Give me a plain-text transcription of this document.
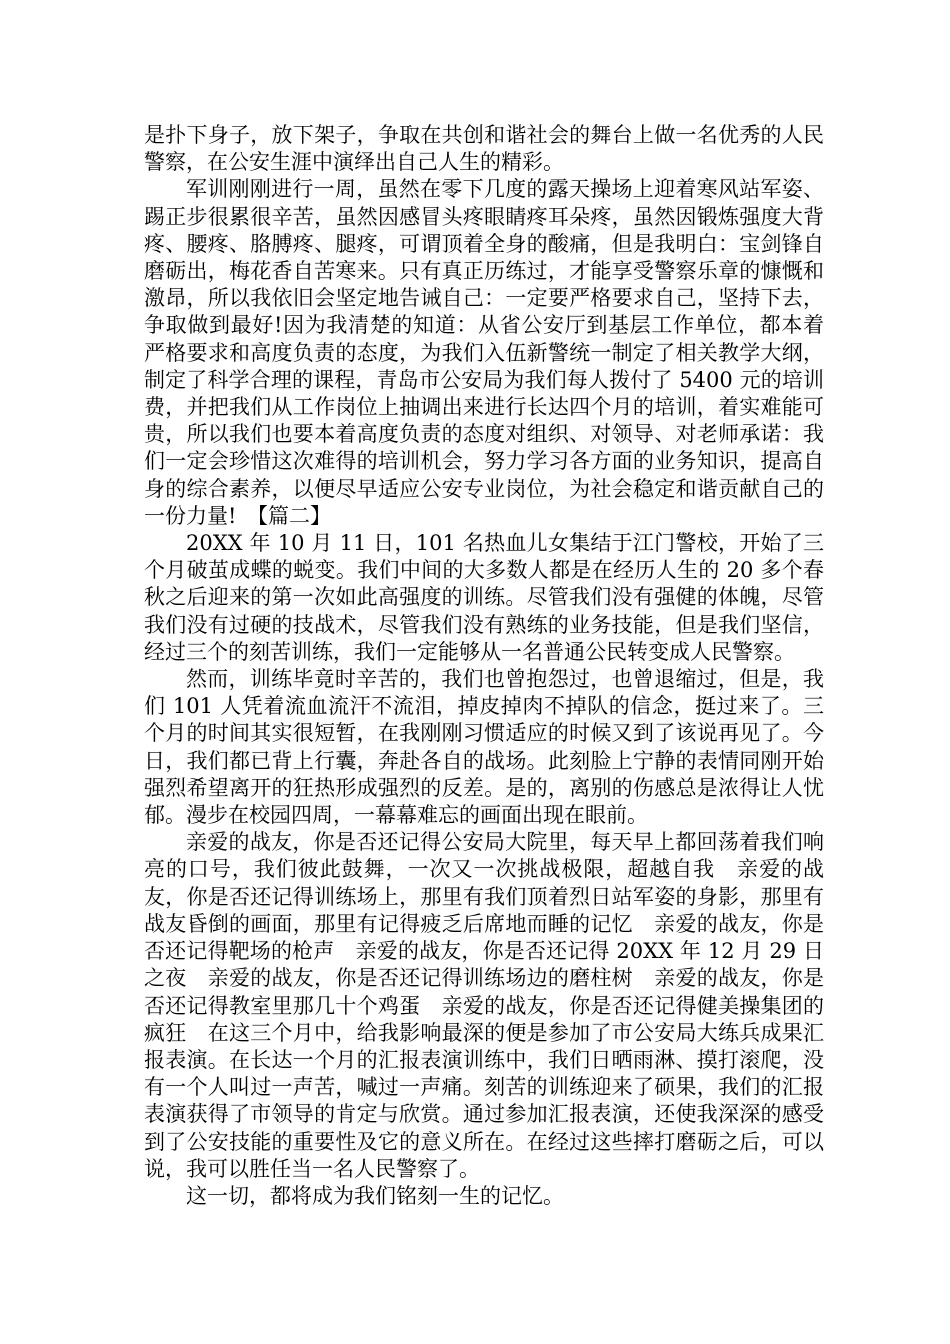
是扑下身子，放下架子，争取在共创和谐社会的舞台上做一名优秀的人民警察，在公安生涯中演绎出自己人生的精彩。

军训刚刚进行一周，虽然在零下几度的露天操场上迎着寒风站军姿、踢正步很累很辛苦，虽然因感冒头疼眼睛疼耳朵疼，虽然因锻炼强度大背疼、腰疼、胳膊疼、腿疼，可谓顶着全身的酸痛，但是我明白：宝剑锋自磨砺出，梅花香自苦寒来。只有真正历练过，才能享受警察乐章的慷慨和激昂，所以我依旧会坚定地告诫自己：一定要严格要求自己，坚持下去，争取做到最好!因为我清楚的知道：从省公安厅到基层工作单位，都本着严格要求和高度负责的态度，为我们入伍新警统一制定了相关教学大纲，制定了科学合理的课程，青岛市公安局为我们每人拨付了 5400 元的培训费，并把我们从工作岗位上抽调出来进行长达四个月的培训，着实难能可贵，所以我们也要本着高度负责的态度对组织、对领导、对老师承诺：我们一定会珍惜这次难得的培训机会，努力学习各方面的业务知识，提高自身的综合素养，以便尽早适应公安专业岗位，为社会稳定和谐贡献自己的一份力量!　【篇二】

20XX 年 10 月 11 日，101 名热血儿女集结于江门警校，开始了三个月破茧成蝶的蜕变。我们中间的大多数人都是在经历人生的 20 多个春秋之后迎来的第一次如此高强度的训练。尽管我们没有强健的体魄，尽管我们没有过硬的技战术，尽管我们没有熟练的业务技能，但是我们坚信，经过三个的刻苦训练，我们一定能够从一名普通公民转变成人民警察。

然而，训练毕竟时辛苦的，我们也曾抱怨过，也曾退缩过，但是，我们 101 人凭着流血流汗不流泪，掉皮掉肉不掉队的信念，挺过来了。三个月的时间其实很短暂，在我刚刚习惯适应的时候又到了该说再见了。今日，我们都已背上行囊，奔赴各自的战场。此刻脸上宁静的表情同刚开始强烈希望离开的狂热形成强烈的反差。是的，离别的伤感总是浓得让人忧郁。漫步在校园四周，一幕幕难忘的画面出现在眼前。

亲爱的战友，你是否还记得公安局大院里，每天早上都回荡着我们响亮的口号，我们彼此鼓舞，一次又一次挑战极限，超越自我　亲爱的战友，你是否还记得训练场上，那里有我们顶着烈日站军姿的身影，那里有战友昏倒的画面，那里有记得疲乏后席地而睡的记忆　亲爱的战友，你是否还记得靶场的枪声　亲爱的战友，你是否还记得 20XX 年 12 月 29 日之夜　亲爱的战友，你是否还记得训练场边的磨柱树　亲爱的战友，你是否还记得教室里那几十个鸡蛋　亲爱的战友，你是否还记得健美操集团的疯狂　在这三个月中，给我影响最深的便是参加了市公安局大练兵成果汇报表演。在长达一个月的汇报表演训练中，我们日晒雨淋、摸打滚爬，没有一个人叫过一声苦，喊过一声痛。刻苦的训练迎来了硕果，我们的汇报表演获得了市领导的肯定与欣赏。通过参加汇报表演，还使我深深的感受到了公安技能的重要性及它的意义所在。在经过这些摔打磨砺之后，可以说，我可以胜任当一名人民警察了。

这一切，都将成为我们铭刻一生的记忆。
